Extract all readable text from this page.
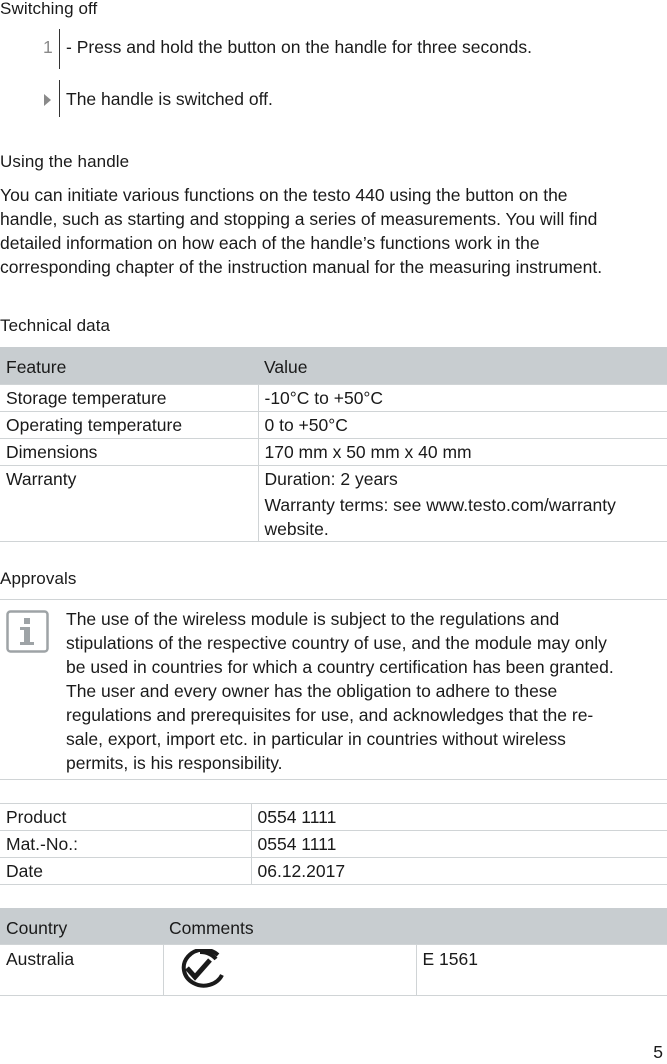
Switching off
1 - Press and hold the button on the handle for three seconds.
The handle is switched off.
Using the handle
You can initiate various functions on the testo 440 using the button on the
handle, such as starting and stopping a series of measurements. You will find
detailed information on how each of the handle’s functions work in the
corresponding chapter of the instruction manual for the measuring instrument.
Technical data
Feature	Value
Storage temperature	-10°C to +50°C
Operating temperature	0 to +50°C
Dimensions	170 mm x 50 mm x 40 mm
Warranty	Duration: 2 years
Warranty terms: see www.testo.com/warranty
website.
Approvals
The use of the wireless module is subject to the regulations and
stipulations of the respective country of use, and the module may only
be used in countries for which a country certification has been granted.
The user and every owner has the obligation to adhere to these
regulations and prerequisites for use, and acknowledges that the re-
sale, export, import etc. in particular in countries without wireless
permits, is his responsibility.
Product	0554 1111
Mat.-No.:	0554 1111
Date	06.12.2017
Country	Comments	
Australia		E 1561
5
